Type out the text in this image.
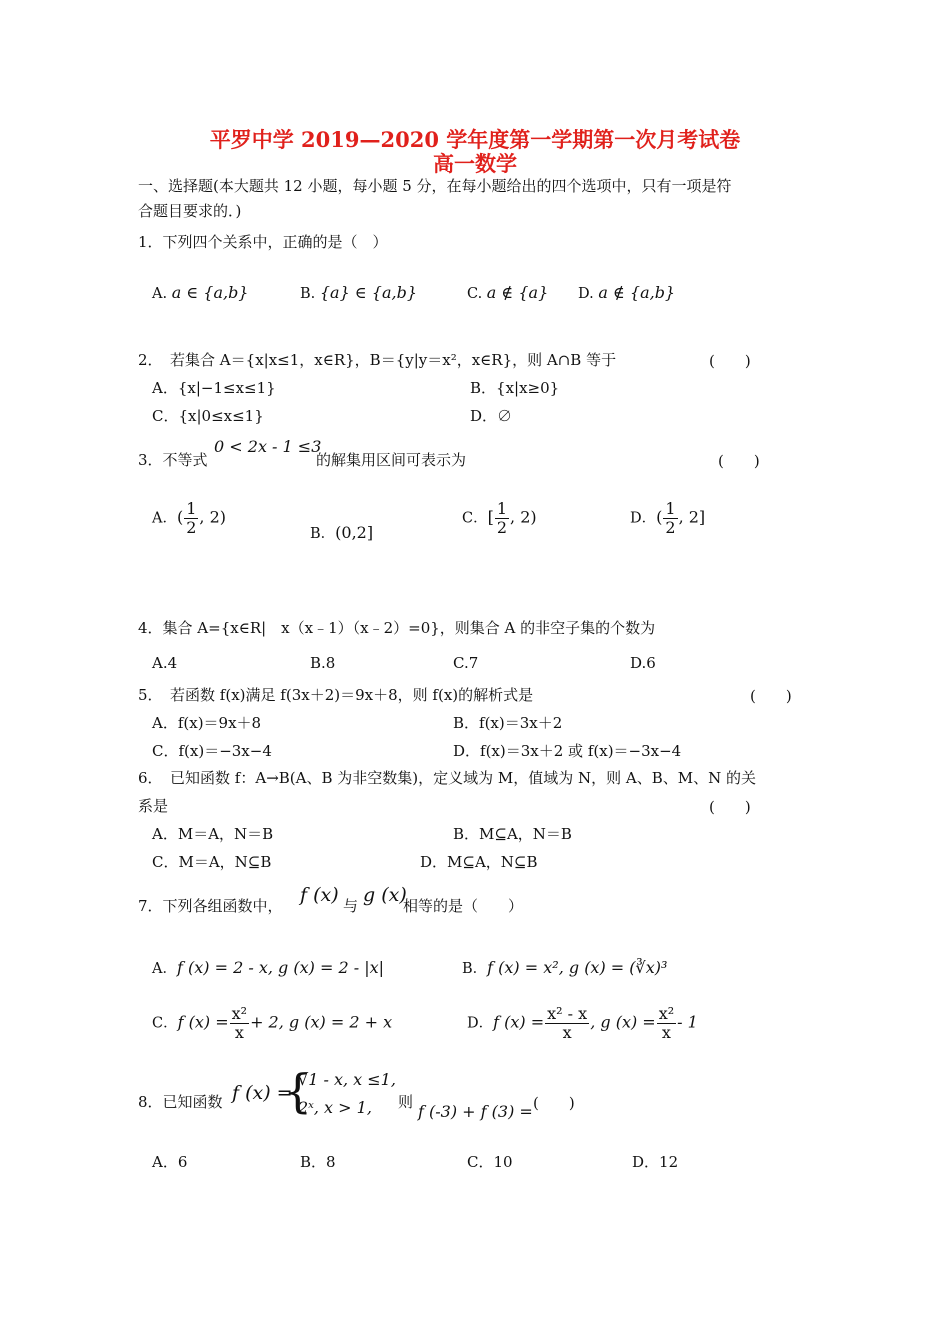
平罗中学 2019—2020 学年度第一学期第一次月考试卷
高一数学
一、选择题(本大题共 12 小题，每小题 5 分，在每小题给出的四个选项中，只有一项是符
合题目要求的．)
1．下列四个关系中，正确的是（　）
A. a ∈ {a,b}	B. {a} ∈ {a,b}	C. a ∉ {a} D. a ∉ {a,b}
2．　若集合 A＝{x|x≤1，x∈R}，B＝{y|y＝x²，x∈R}，则 A∩B 等于	(　　)
A．{x|−1≤x≤1}	B．{x|x≥0}
C．{x|0≤x≤1}	D．∅
3．不等式
0 < 2x - 1 ≤3
的解集用区间可表示为	(　　)
A．( $\frac{1}{2}$ , 2)
B．(0,2]
C．[ $\frac{1}{2}$ , 2)	D．( $\frac{1}{2}$ , 2]
4．集合 A={x∈R|　x（x﹣1）（x﹣2）=0}，则集合 A 的非空子集的个数为
A.4	B.8	C.7	D.6
5．　若函数 f(x)满足 f(3x＋2)＝9x＋8，则 f(x)的解析式是	(　　)
A．f(x)＝9x＋8	B．f(x)＝3x＋2
C．f(x)＝−3x−4	D．f(x)＝3x＋2 或 f(x)＝−3x−4
6．　已知函数 f：A→B(A、B 为非空数集)，定义域为 M，值域为 N，则 A、B、M、N 的关
系是	(　　)
A．M＝A，N＝B	B．M⊆A，N＝B
C．M＝A，N⊆B	D．M⊆A，N⊆B
7．下列各组函数中， f (x) 与 g (x)
相等的是（　　）
A．f (x) = 2 - x, g (x) = 2 - |x|	B．f (x) = x², g (x) = (∛x)³
C．f $(x) = \frac{\text{x²}}{x} + 2$, g (x) = 2 + x	D．f $(x) = \frac{\text{x² - x}}{x}$ , g $(x) = \frac{\text{x²}}{x} - 1$
8．已知函数 f (x) =
{
√1 - x, x ≤1,
2ˣ, x > 1, 则 f (-3) + f (3) = (　　)
A．6	B．8	C．10	D．12
